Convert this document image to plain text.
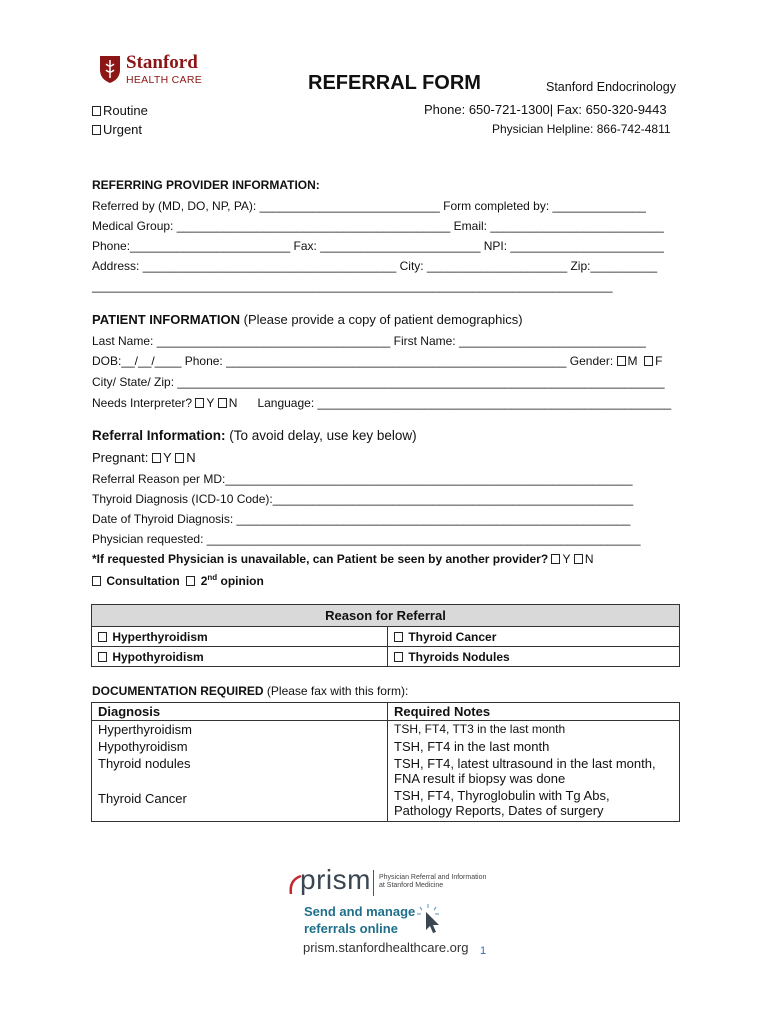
Stanford
HEALTH CARE	REFERRAL FORM	Stanford Endocrinology
Phone: 650-721-1300| Fax: 650-320-9443
Physician Helpline: 866-742-4811
Routine
Urgent
REFERRING PROVIDER INFORMATION:
Referred by (MD, DO, NP, PA): ___________________________ Form completed by: ______________
Medical Group: _________________________________________ Email: __________________________
Phone:________________________ Fax: ________________________ NPI: _______________________
Address: ______________________________________ City: _____________________ Zip:__________
______________________________________________________________________________
PATIENT INFORMATION (Please provide a copy of patient demographics)
Last Name: ___________________________________ First Name: ____________________________
DOB:__/__/____ Phone: ___________________________________________________ Gender: M F
City/ State/ Zip: _________________________________________________________________________
Needs Interpreter? Y N Language: _____________________________________________________
Referral Information: (To avoid delay, use key below)
Pregnant: Y N
Referral Reason per MD:_____________________________________________________________
Thyroid Diagnosis (ICD-10 Code):______________________________________________________
Date of Thyroid Diagnosis: ___________________________________________________________
Physician requested: _________________________________________________________________
*If requested Physician is unavailable, can Patient be seen by another provider? Y N
Consultation 2nd opinion
Reason for Referral	
Hyperthyroidism	Thyroid Cancer
Hypothyroidism	Thyroids Nodules
DOCUMENTATION REQUIRED (Please fax with this form):
Diagnosis	Required Notes
Hyperthyroidism	TSH, FT4, TT3 in the last month
Hypothyroidism	TSH, FT4 in the last month
Thyroid nodules	TSH, FT4, latest ultrasound in the last month,
FNA result if biopsy was done

Thyroid Cancer	TSH, FT4, Thyroglobulin with Tg Abs,
Pathology Reports, Dates of surgery
prism Physician Referral and Information at Stanford Medicine
Send and manage
referrals online
prism.stanfordhealthcare.org 1
